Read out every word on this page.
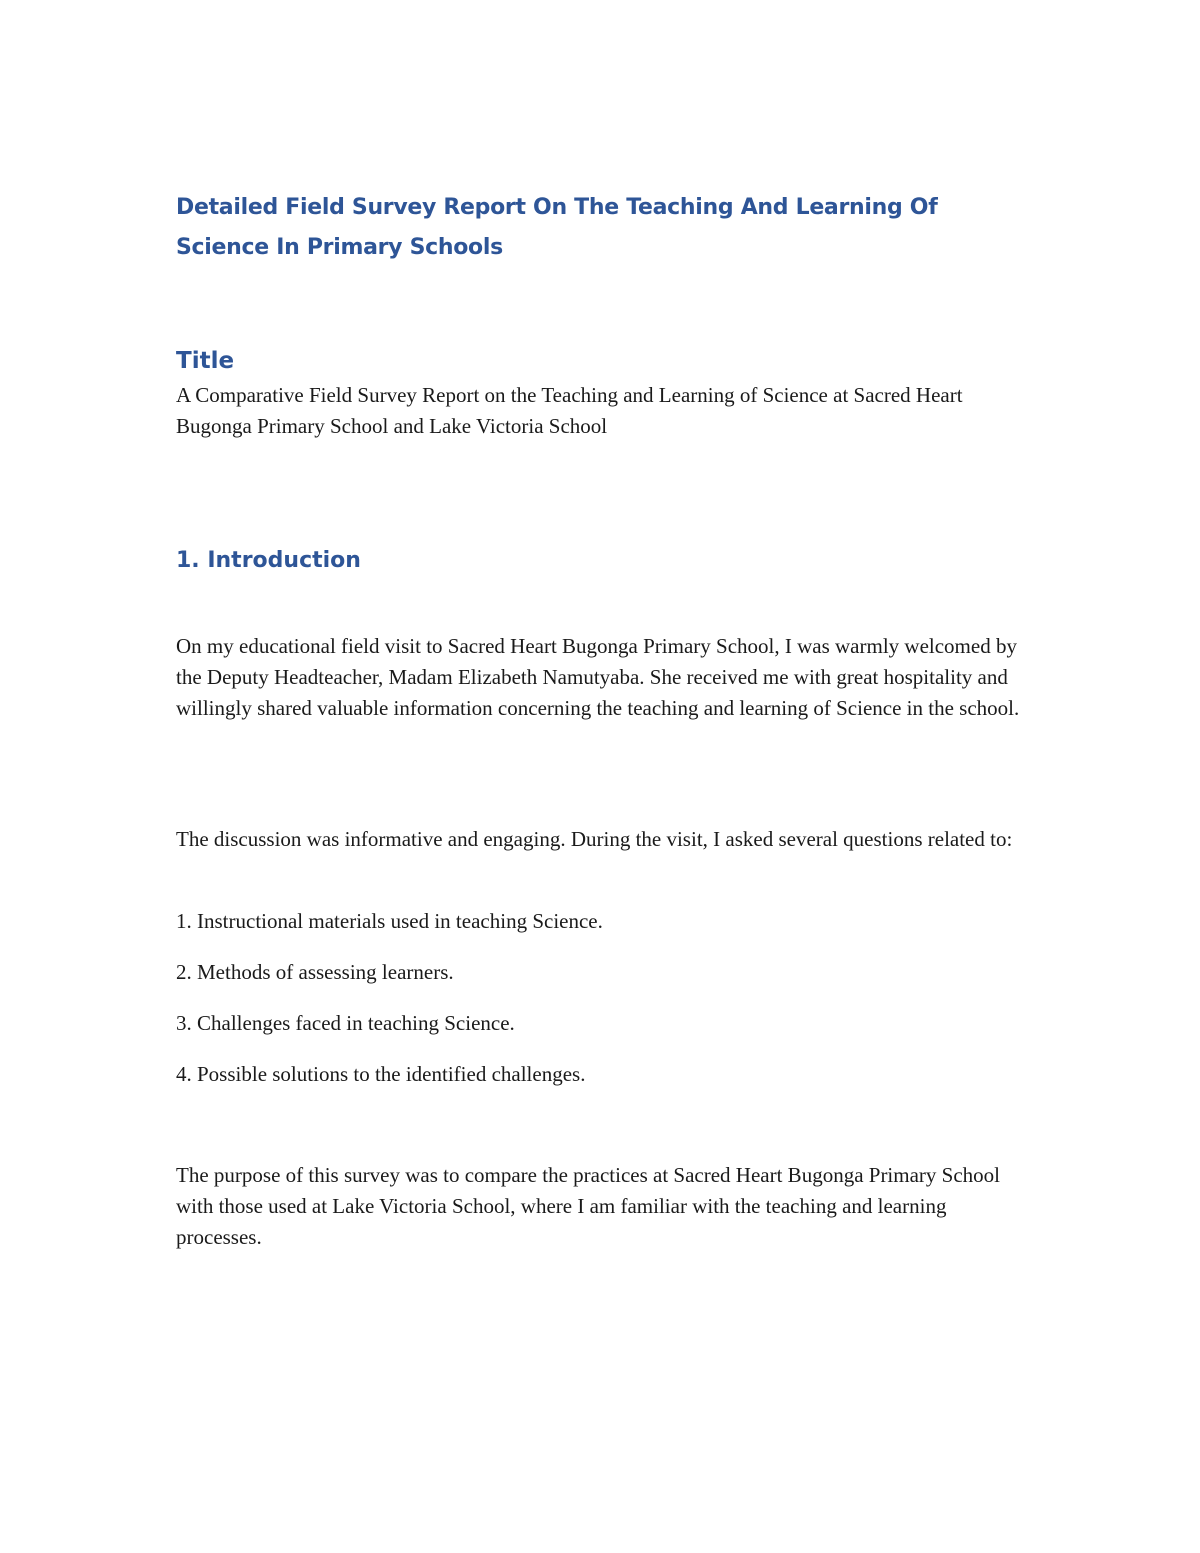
Detailed Field Survey Report On The Teaching And Learning Of Science In Primary Schools
Title

A Comparative Field Survey Report on the Teaching and Learning of Science at Sacred Heart Bugonga Primary School and Lake Victoria School

1. Introduction

On my educational field visit to Sacred Heart Bugonga Primary School, I was warmly welcomed by the Deputy Headteacher, Madam Elizabeth Namutyaba. She received me with great hospitality and willingly shared valuable information concerning the teaching and learning of Science in the school.

The discussion was informative and engaging. During the visit, I asked several questions related to:

1. Instructional materials used in teaching Science.
2. Methods of assessing learners.
3. Challenges faced in teaching Science.
4. Possible solutions to the identified challenges.

The purpose of this survey was to compare the practices at Sacred Heart Bugonga Primary School with those used at Lake Victoria School, where I am familiar with the teaching and learning processes.
